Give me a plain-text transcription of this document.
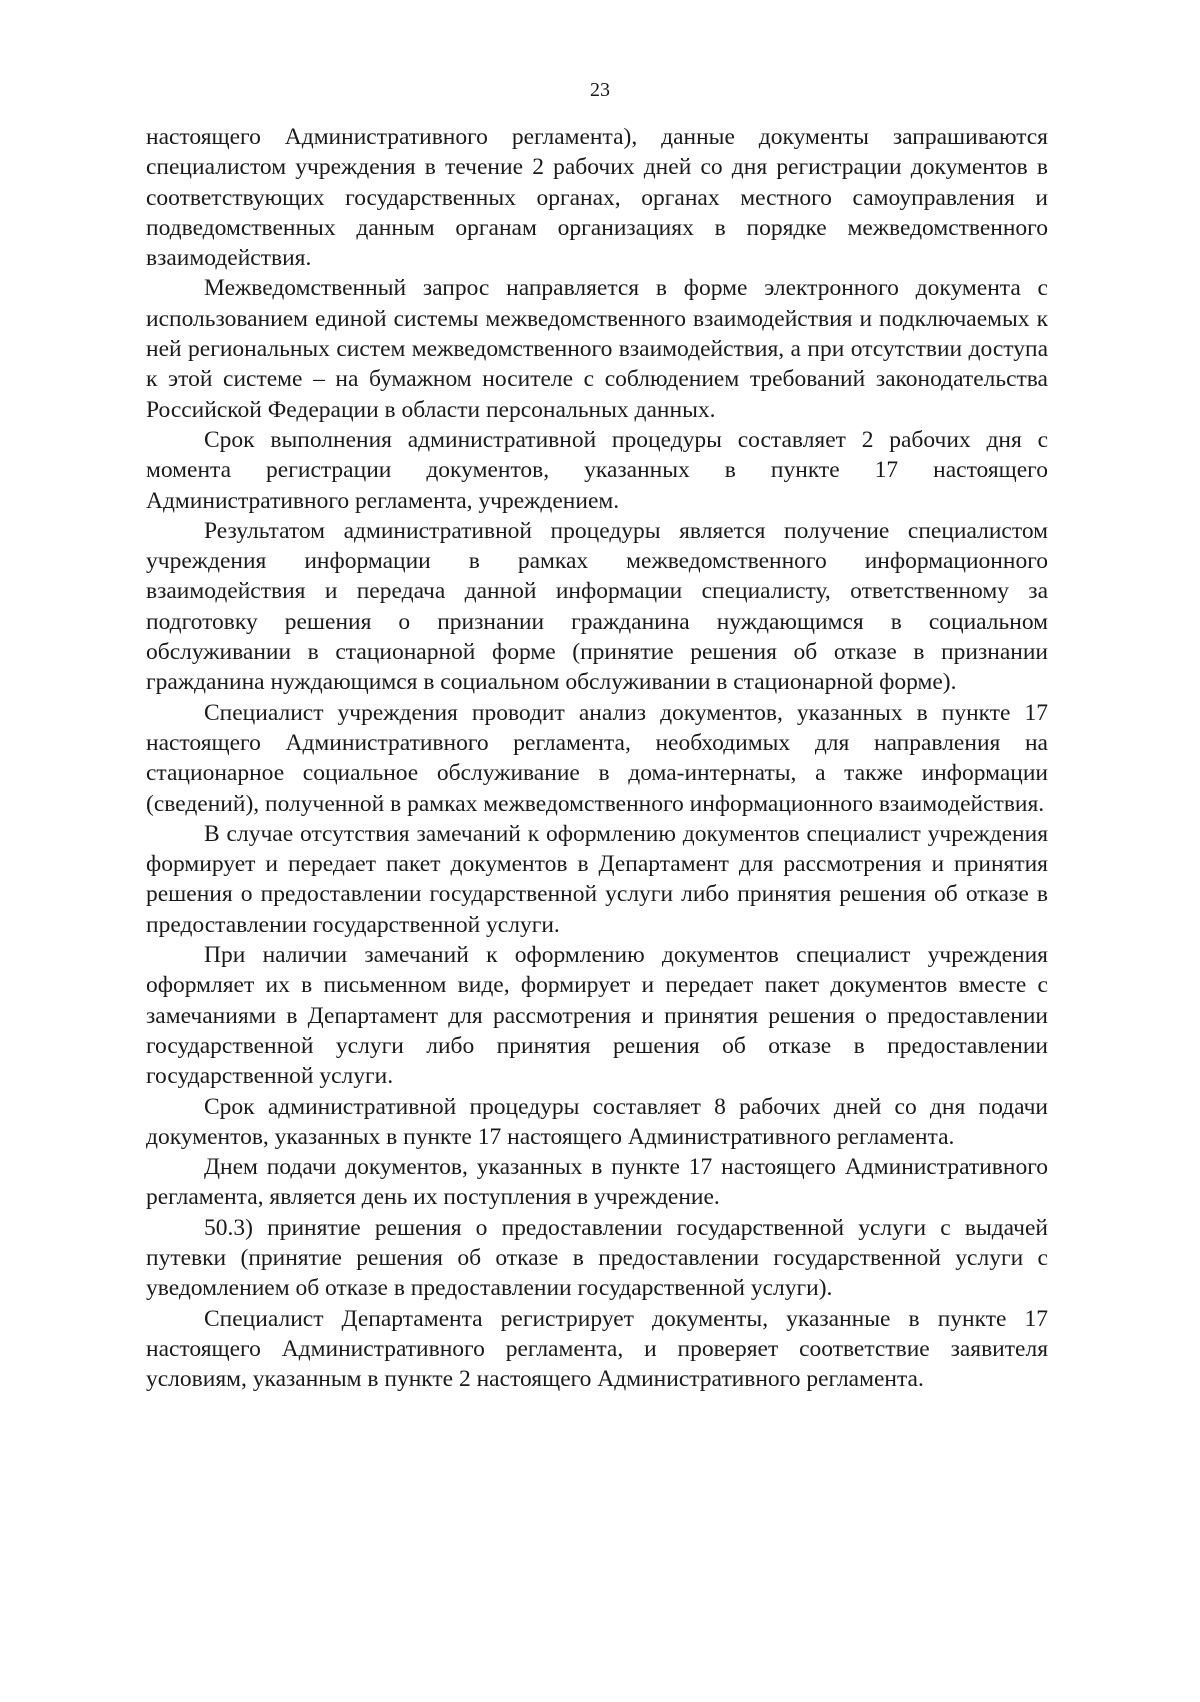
23

настоящего Административного регламента), данные документы запрашиваются специалистом учреждения в течение 2 рабочих дней со дня регистрации документов в соответствующих государственных органах, органах местного самоуправления и подведомственных данным органам организациях в порядке межведомственного взаимодействия.

Межведомственный запрос направляется в форме электронного документа с использованием единой системы межведомственного взаимодействия и подключаемых к ней региональных систем межведомственного взаимодействия, а при отсутствии доступа к этой системе – на бумажном носителе с соблюдением требований законодательства Российской Федерации в области персональных данных.

Срок выполнения административной процедуры составляет 2 рабочих дня с момента регистрации документов, указанных в пункте 17 настоящего Административного регламента, учреждением.

Результатом административной процедуры является получение специалистом учреждения информации в рамках межведомственного информационного взаимодействия и передача данной информации специалисту, ответственному за подготовку решения о признании гражданина нуждающимся в социальном обслуживании в стационарной форме (принятие решения об отказе в признании гражданина нуждающимся в социальном обслуживании в стационарной форме).

Специалист учреждения проводит анализ документов, указанных в пункте 17 настоящего Административного регламента, необходимых для направления на стационарное социальное обслуживание в дома-интернаты, а также информации (сведений), полученной в рамках межведомственного информационного взаимодействия.

В случае отсутствия замечаний к оформлению документов специалист учреждения формирует и передает пакет документов в Департамент для рассмотрения и принятия решения о предоставлении государственной услуги либо принятия решения об отказе в предоставлении государственной услуги.

При наличии замечаний к оформлению документов специалист учреждения оформляет их в письменном виде, формирует и передает пакет документов вместе с замечаниями в Департамент для рассмотрения и принятия решения о предоставлении государственной услуги либо принятия решения об отказе в предоставлении государственной услуги.

Срок административной процедуры составляет 8 рабочих дней со дня подачи документов, указанных в пункте 17 настоящего Административного регламента.

Днем подачи документов, указанных в пункте 17 настоящего Административного регламента, является день их поступления в учреждение.

50.3) принятие решения о предоставлении государственной услуги с выдачей путевки (принятие решения об отказе в предоставлении государственной услуги с уведомлением об отказе в предоставлении государственной услуги).

Специалист Департамента регистрирует документы, указанные в пункте 17 настоящего Административного регламента, и проверяет соответствие заявителя условиям, указанным в пункте 2 настоящего Административного регламента.
